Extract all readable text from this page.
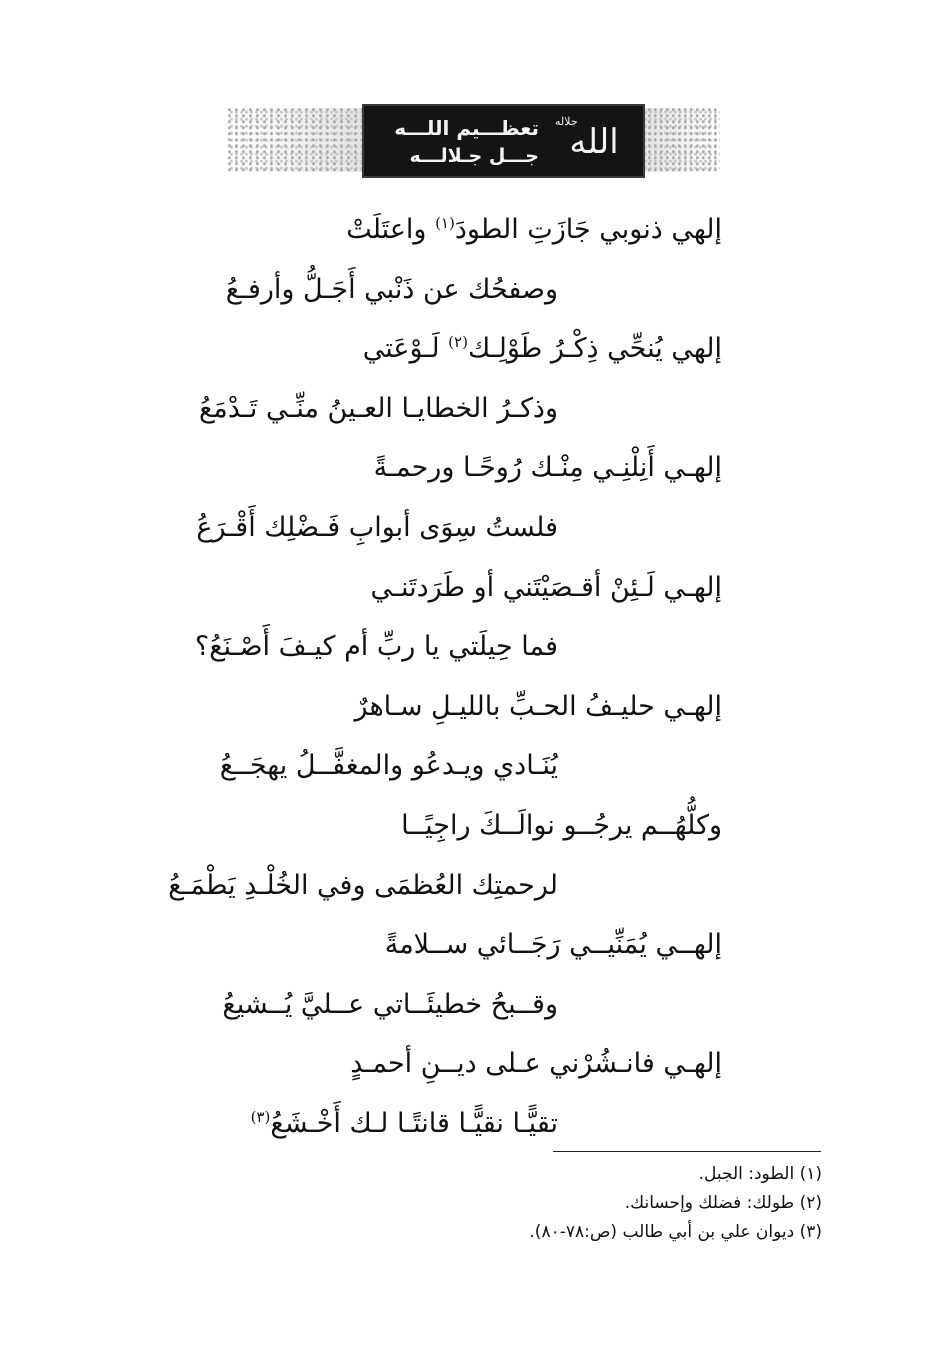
الله
جلاله
تعظـــيم اللـــه
جـــل جـلالـــه
إلهي ذنوبي جَازَتِ الطودَ$^{(١)}$ واعتَلَتْ
وصفحُك عن ذَنْبي أَجَـلُّ وأرفـعُ
إلهي يُنحِّي ذِكْـرُ طَوْلِـك$^{(٢)}$ لَـوْعَتي
وذكـرُ الخطايـا العـينُ منِّـي تَـدْمَعُ
إلهـي أَنِلْنِـي مِنْـك رُوحًـا ورحمـةً
فلستُ سِوَى أبوابِ فَـضْلِك أَقْـرَعُ
إلهـي لَـئِنْ أقـصَيْتَني أو طَرَدتَنـي
فما حِيلَتي يا ربِّ أم كيـفَ أَصْـنَعُ؟
إلهـي حليـفُ الحـبِّ بالليـلِ سـاهرٌ
يُنَـادي ويـدعُو والمغفَّــلُ يهجَــعُ
وكلُّهُــم يرجُــو نوالَــكَ راجِيًــا
لرحمتِك العُظمَى وفي الخُلْـدِ يَطْمَـعُ
إلهــي يُمَنِّيــي رَجَــائي ســلامةً
وقــبحُ خطيئَــاتي عــليَّ يُــشيعُ
إلهـي فانـشُرْني عـلى ديــنِ أحمـدٍ
تقيًّـا نقيًّـا قانتًـا لـك أَخْـشَعُ$^{(٣)}$
(١) الطود: الجبل.
(٢) طولك: فضلك وإحسانك.
(٣) ديوان علي بن أبي طالب (ص:٧٨-٨٠).
